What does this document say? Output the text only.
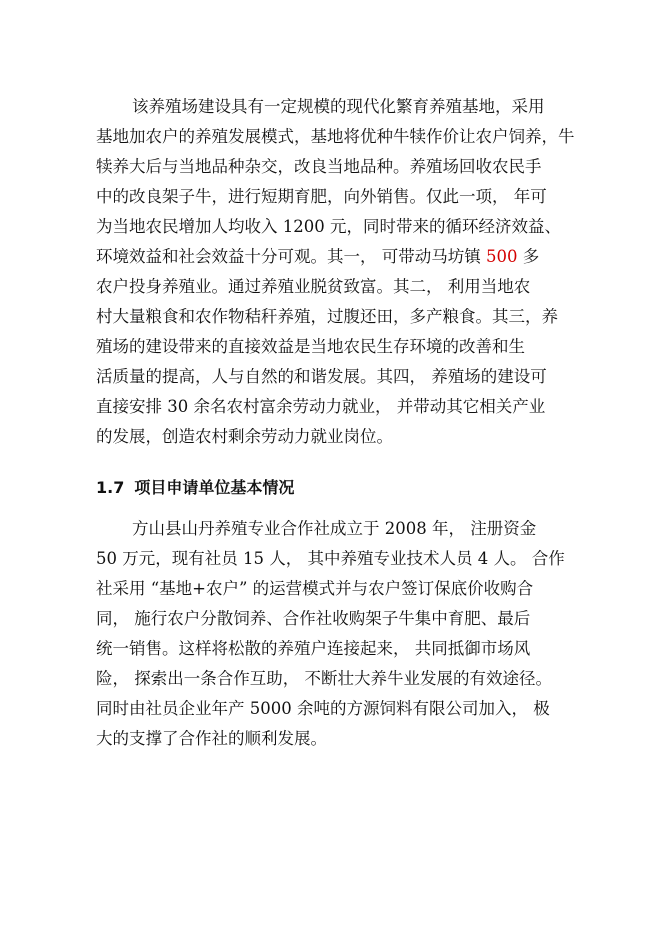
该养殖场建设具有一定规模的现代化繁育养殖基地，采用
基地加农户的养殖发展模式，基地将优种牛犊作价让农户饲养，牛
犊养大后与当地品种杂交，改良当地品种。养殖场回收农民手
中的改良架子牛，进行短期育肥，向外销售。仅此一项， 年可
为当地农民增加人均收入 1200 元，同时带来的循环经济效益、
环境效益和社会效益十分可观。其一， 可带动马坊镇 500 多
农户投身养殖业。通过养殖业脱贫致富。其二， 利用当地农
村大量粮食和农作物秸秆养殖，过腹还田，多产粮食。其三，养
殖场的建设带来的直接效益是当地农民生存环境的改善和生
活质量的提高，人与自然的和谐发展。其四， 养殖场的建设可
直接安排 30 余名农村富余劳动力就业， 并带动其它相关产业
的发展，创造农村剩余劳动力就业岗位。
1.7 项目申请单位基本情况
方山县山丹养殖专业合作社成立于 2008 年， 注册资金
50 万元，现有社员 15 人， 其中养殖专业技术人员 4 人。 合作
社采用 “基地+农户” 的运营模式并与农户签订保底价收购合
同， 施行农户分散饲养、合作社收购架子牛集中育肥、最后
统一销售。这样将松散的养殖户连接起来， 共同抵御市场风
险， 探索出一条合作互助， 不断壮大养牛业发展的有效途径。
同时由社员企业年产 5000 余吨的方源饲料有限公司加入， 极
大的支撑了合作社的顺利发展。
